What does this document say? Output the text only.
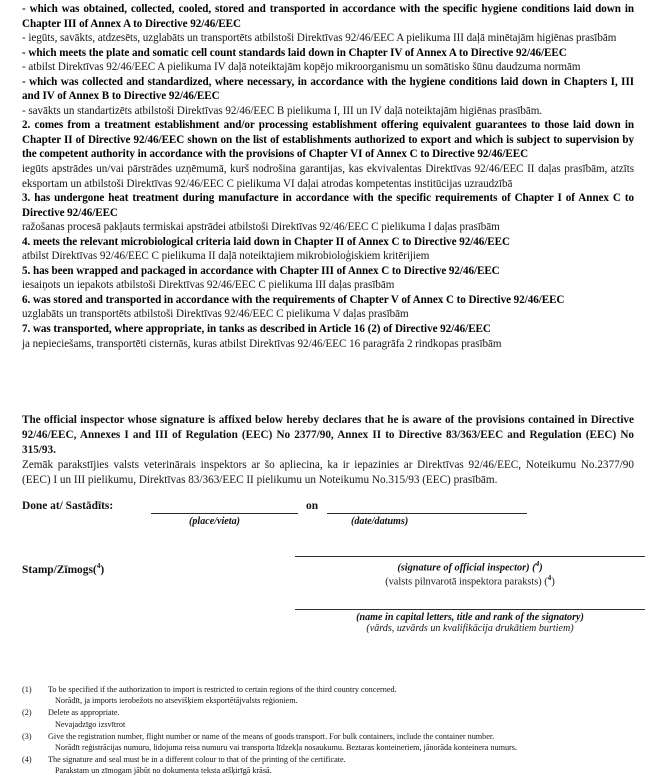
- which was obtained, collected, cooled, stored and transported in accordance with the specific hygiene conditions laid down in Chapter III of Annex A to Directive 92/46/EEC

- iegūts, savākts, atdzesēts, uzglabāts un transportēts atbilstoši Direktīvas 92/46/EEC A pielikuma III daļā minētajām higiēnas prasībām

- which meets the plate and somatic cell count standards laid down in Chapter IV of Annex A to Directive 92/46/EEC

- atbilst Direktīvas 92/46/EEC A pielikuma IV daļā noteiktajām kopējo mikroorganismu un somātisko šūnu daudzuma normām

- which was collected and standardized, where necessary, in accordance with the hygiene conditions laid down in Chapters I, III and IV of Annex B to Directive 92/46/EEC

- savākts un standartizēts atbilstoši Direktīvas 92/46/EEC B pielikuma I, III un IV daļā noteiktajām higiēnas prasībām.

2. comes from a treatment establishment and/or processing establishment offering equivalent guarantees to those laid down in Chapter II of Directive 92/46/EEC shown on the list of establishments authorized to export and which is subject to supervision by the competent authority in accordance with the provisions of Chapter VI of Annex C to Directive 92/46/EEC

iegūts apstrādes un/vai pārstrādes uzņēmumā, kurš nodrošina garantijas, kas ekvivalentas Direktīvas 92/46/EEC II daļas prasībām, atzīts eksportam un atbilstoši Direktīvas 92/46/EEC C pielikuma VI daļai atrodas kompetentas institūcijas uzraudzībā

3. has undergone heat treatment during manufacture in accordance with the specific requirements of Chapter I of Annex C to Directive 92/46/EEC

ražošanas procesā pakļauts termiskai apstrādei atbilstoši Direktīvas 92/46/EEC C pielikuma I daļas prasībām

4. meets the relevant microbiological criteria laid down in Chapter II of Annex C to Directive 92/46/EEC

atbilst Direktīvas 92/46/EEC C pielikuma II daļā noteiktajiem mikrobioloģiskiem kritērijiem

5. has been wrapped and packaged in accordance with Chapter III of Annex C to Directive 92/46/EEC

iesaiņots un iepakots atbilstoši Direktīvas 92/46/EEC C pielikuma III daļas prasībām

6. was stored and transported in accordance with the requirements of Chapter V of Annex C to Directive 92/46/EEC

uzglabāts un transportēts atbilstoši Direktīvas 92/46/EEC C pielikuma V daļas prasībām

7. was transported, where appropriate, in tanks as described in Article 16 (2) of Directive 92/46/EEC

ja nepieciešams, transportēti cisternās, kuras atbilst Direktīvas 92/46/EEC 16 paragrāfa 2 rindkopas prasībām

The official inspector whose signature is affixed below hereby declares that he is aware of the provisions contained in Directive 92/46/EEC, Annexes I and III of Regulation (EEC) No 2377/90, Annex II to Directive 83/363/EEC and Regulation (EEC) No 315/93.

Zemāk parakstījies valsts veterinārais inspektors ar šo apliecina, ka ir iepazinies ar Direktīvas 92/46/EEC, Noteikumu No.2377/90 (EEC) I un III pielikumu, Direktīvas 83/363/EEC II pielikumu un Noteikumu No.315/93 (EEC) prasībām.

Done at/ Sastādīts:
(place/vieta)
on
(date/datums)
Stamp/Zīmogs($^4$)	(signature of official inspector) ($^4$)
(valsts pilnvarotā inspektora paraksts) ($^4$)
(name in capital letters, title and rank of the signatory)
(vārds, uzvārds un kvalifikācija drukātiem burtiem)
(1)	To be specified if the authorization to import is restricted to certain regions of the third country concerned.
Norādīt, ja imports ierobežots no atsevišķiem eksportētājvalsts reģioniem.
(2)	Delete as appropriate.
Nevajadzīgo izsvītrot
(3)	Give the registration number, flight number or name of the means of goods transport. For bulk containers, include the container number.
Norādīt reģistrācijas numuru, lidojuma reisa numuru vai transporta līdzekļa nosaukumu. Beztaras konteineriem, jānorāda konteinera numurs.
(4)	The signature and seal must be in a different colour to that of the printing of the certificate.
Parakstam un zīmogam jābūt no dokumenta teksta atšķirīgā krāsā.
